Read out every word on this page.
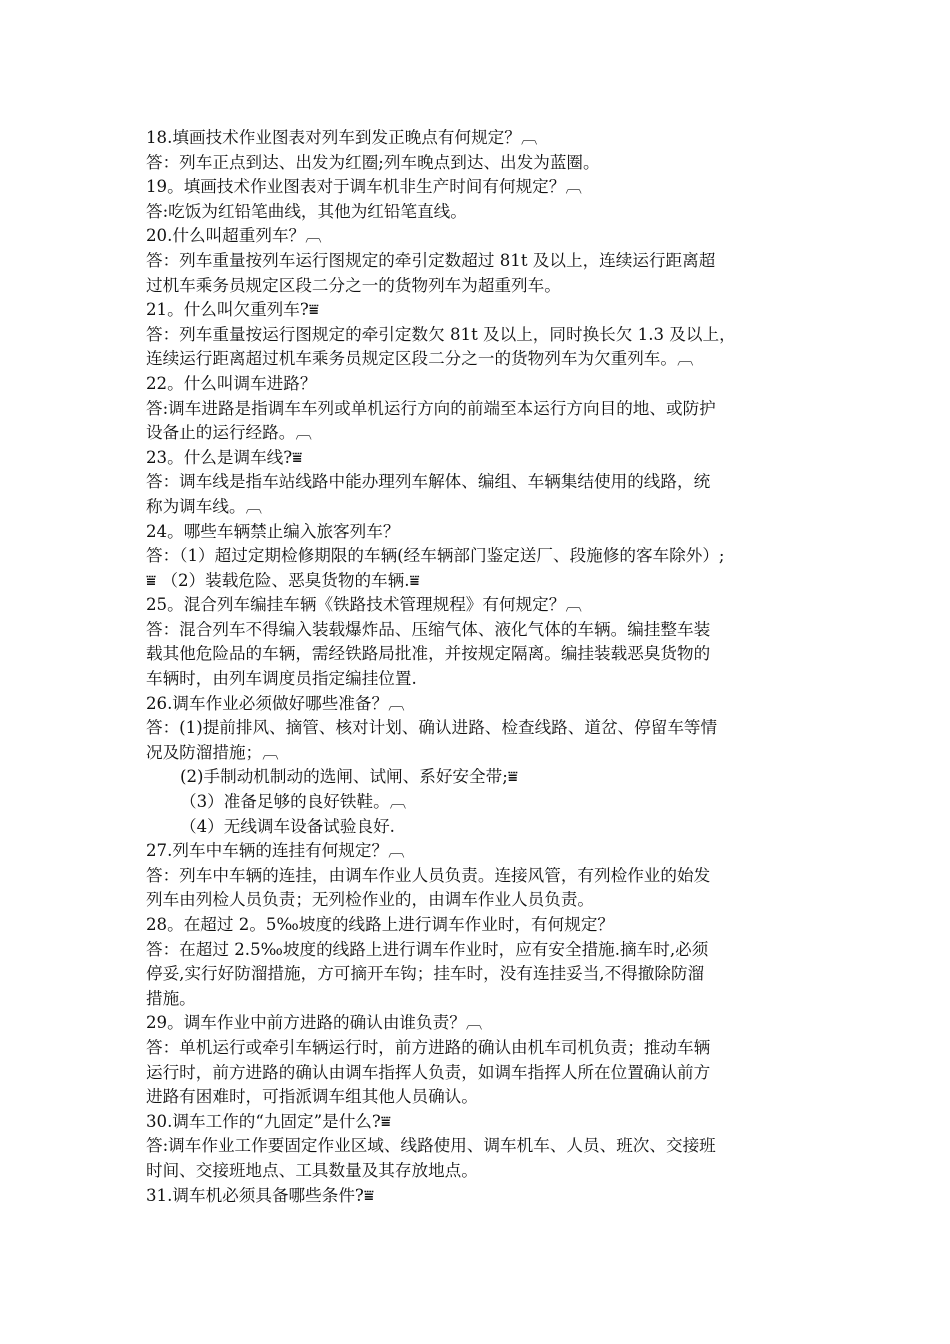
18.填画技术作业图表对列车到发正晚点有何规定？︹
答：列车正点到达、出发为红圈;列车晚点到达、出发为蓝圈。
19。填画技术作业图表对于调车机非生产时间有何规定？︹
答:吃饭为红铅笔曲线，其他为红铅笔直线。
20.什么叫超重列车？︹
答：列车重量按列车运行图规定的牵引定数超过 81t 及以上，连续运行距离超
过机车乘务员规定区段二分之一的货物列车为超重列车。
21。什么叫欠重列车?⩸
答：列车重量按运行图规定的牵引定数欠 81t 及以上，同时换长欠 1.3 及以上，
连续运行距离超过机车乘务员规定区段二分之一的货物列车为欠重列车。︹
22。什么叫调车进路？
答:调车进路是指调车车列或单机运行方向的前端至本运行方向目的地、或防护
设备止的运行经路。︹
23。什么是调车线?⩸
答：调车线是指车站线路中能办理列车解体、编组、车辆集结使用的线路，统
称为调车线。︹
24。哪些车辆禁止编入旅客列车？
答：（1）超过定期检修期限的车辆(经车辆部门鉴定送厂、段施修的客车除外）;
⩸ （2）装载危险、恶臭货物的车辆.⩸
25。混合列车编挂车辆《铁路技术管理规程》有何规定？︹
答：混合列车不得编入装载爆炸品、压缩气体、液化气体的车辆。编挂整车装
载其他危险品的车辆，需经铁路局批准，并按规定隔离。编挂装载恶臭货物的
车辆时，由列车调度员指定编挂位置.
26.调车作业必须做好哪些准备？︹
答：(1)提前排风、摘管、核对计划、确认进路、检查线路、道岔、停留车等情
况及防溜措施；︹
(2)手制动机制动的选闸、试闸、系好安全带;⩸
（3）准备足够的良好铁鞋。︹
（4）无线调车设备试验良好.
27.列车中车辆的连挂有何规定？︹
答：列车中车辆的连挂，由调车作业人员负责。连接风管，有列检作业的始发
列车由列检人员负责；无列检作业的，由调车作业人员负责。
28。在超过 2。5‰坡度的线路上进行调车作业时，有何规定？
答：在超过 2.5‰坡度的线路上进行调车作业时，应有安全措施.摘车时,必须
停妥,实行好防溜措施，方可摘开车钩；挂车时，没有连挂妥当,不得撤除防溜
措施。
29。调车作业中前方进路的确认由谁负责？︹
答：单机运行或牵引车辆运行时，前方进路的确认由机车司机负责；推动车辆
运行时，前方进路的确认由调车指挥人负责，如调车指挥人所在位置确认前方
进路有困难时，可指派调车组其他人员确认。
30.调车工作的“九固定”是什么?⩸
答:调车作业工作要固定作业区域、线路使用、调车机车、人员、班次、交接班
时间、交接班地点、工具数量及其存放地点。
31.调车机必须具备哪些条件?⩸
